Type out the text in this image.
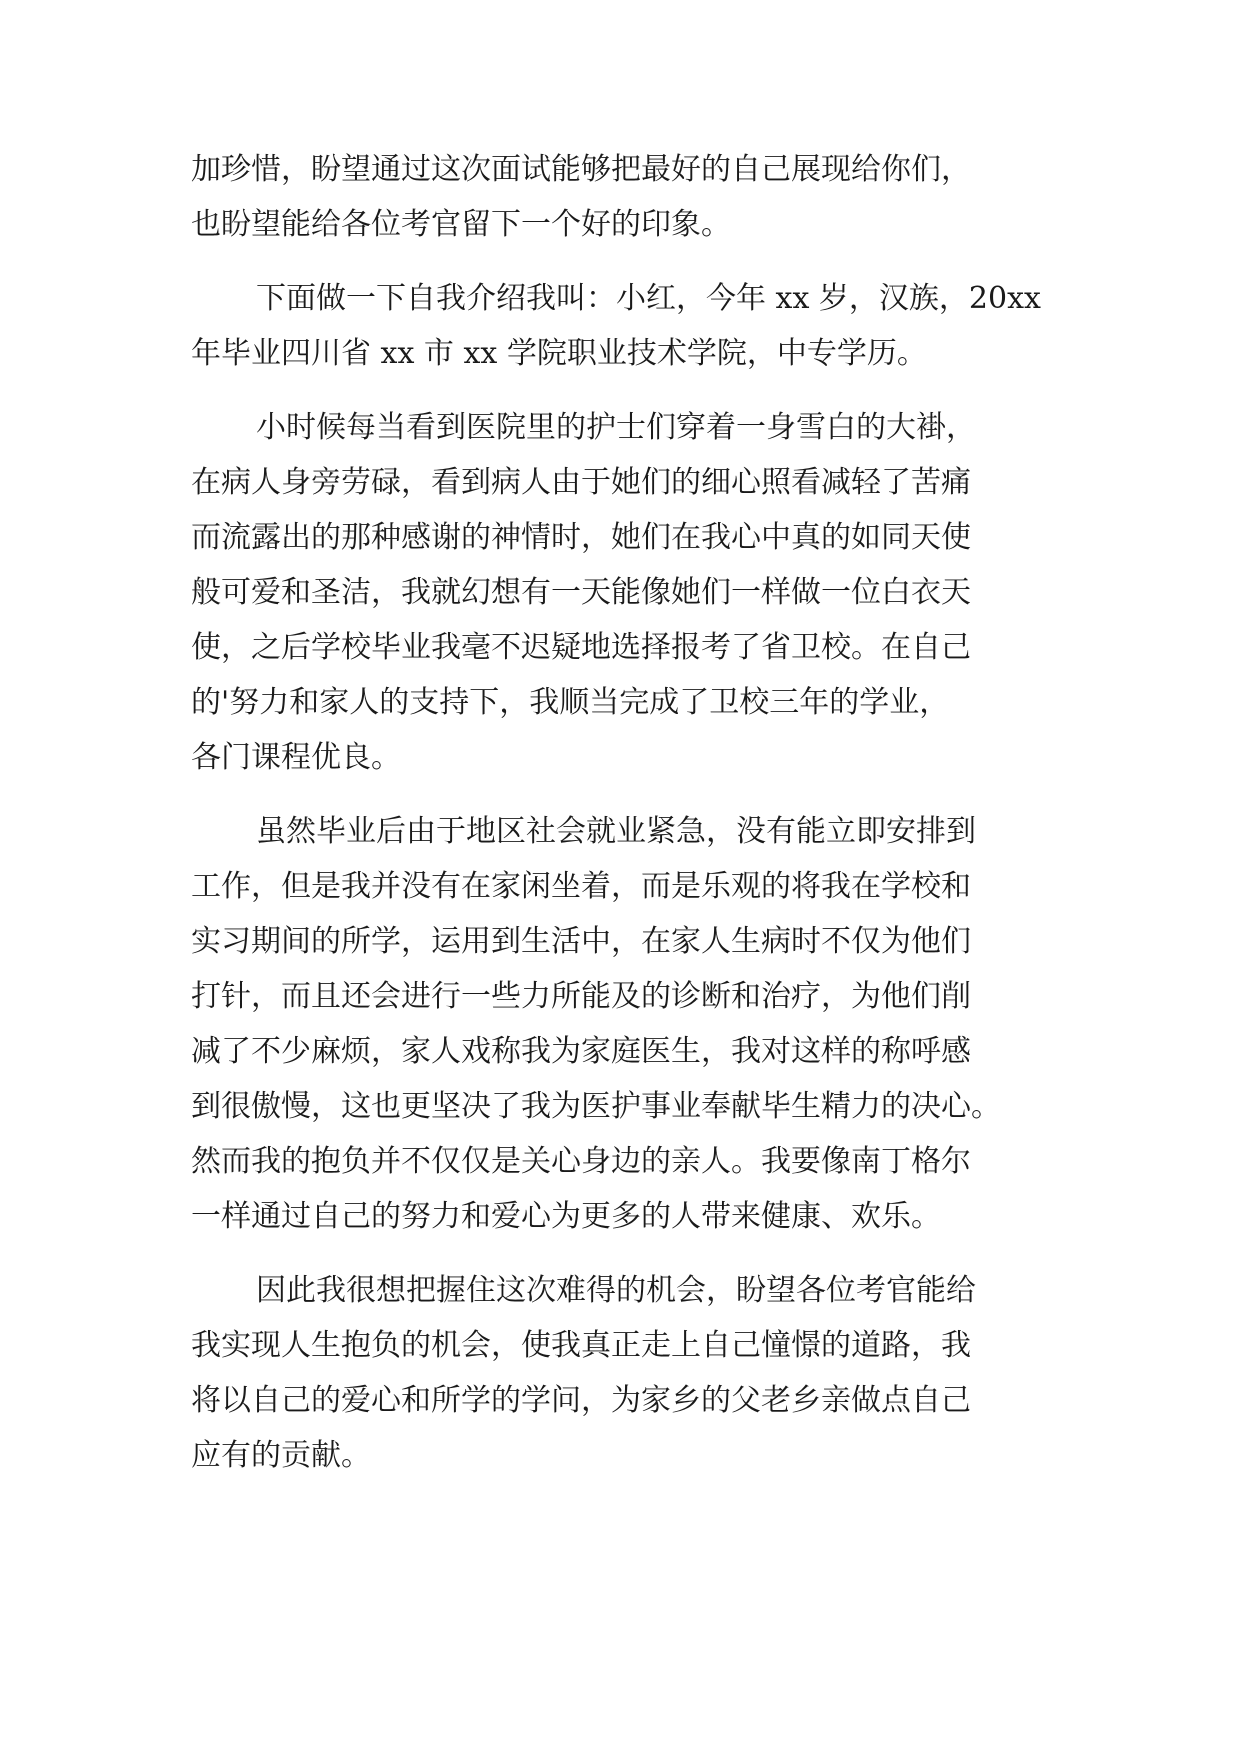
加珍惜，盼望通过这次面试能够把最好的自己展现给你们，
也盼望能给各位考官留下一个好的印象。
下面做一下自我介绍我叫：小红，今年 xx 岁，汉族，20xx
年毕业四川省 xx 市 xx 学院职业技术学院，中专学历。
小时候每当看到医院里的护士们穿着一身雪白的大褂，
在病人身旁劳碌，看到病人由于她们的细心照看减轻了苦痛
而流露出的那种感谢的神情时，她们在我心中真的如同天使
般可爱和圣洁，我就幻想有一天能像她们一样做一位白衣天
使，之后学校毕业我毫不迟疑地选择报考了省卫校。在自己
的'努力和家人的支持下，我顺当完成了卫校三年的学业，
各门课程优良。
虽然毕业后由于地区社会就业紧急，没有能立即安排到
工作，但是我并没有在家闲坐着，而是乐观的将我在学校和
实习期间的所学，运用到生活中，在家人生病时不仅为他们
打针，而且还会进行一些力所能及的诊断和治疗，为他们削
减了不少麻烦，家人戏称我为家庭医生，我对这样的称呼感
到很傲慢，这也更坚决了我为医护事业奉献毕生精力的决心。
然而我的抱负并不仅仅是关心身边的亲人。我要像南丁格尔
一样通过自己的努力和爱心为更多的人带来健康、欢乐。
因此我很想把握住这次难得的机会，盼望各位考官能给
我实现人生抱负的机会，使我真正走上自己憧憬的道路，我
将以自己的爱心和所学的学问，为家乡的父老乡亲做点自己
应有的贡献。
